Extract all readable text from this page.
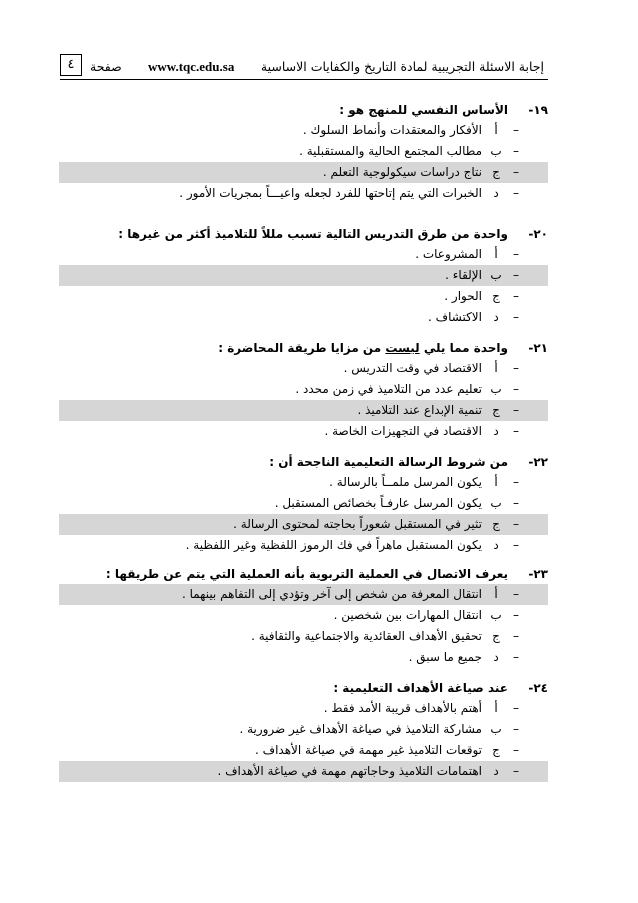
إجابة الاسئلة التجريبية لمادة التاريخ والكفايات الاساسية
www.tqc.edu.sa
صفحة
٤
١٩-
الأساس النفسي للمنهج هو :
أ	–
الأفكار والمعتقدات وأنماط السلوك .
ب –
مطالب المجتمع الحالية والمستقبلية .
ج –
نتاج دراسات سيكولوجية التعلم .
د –
الخبرات التي يتم إتاحتها للفرد لجعله واعيـــاً بمجريات الأمور .
٢٠-
واحدة من طرق التدريس التالية تسبب مللاً للتلاميذ أكثر من غيرها :
أ	–
المشروعات .
ب –
الإلقاء .
ج –
الحوار .
د –
الاكتشاف .
٢١-
واحدة مما يلي ليست من مزايا طريقة المحاضرة :
أ	–
الاقتصاد في وقت التدريس .
ب –
تعليم عدد من التلاميذ في زمن محدد .
ج –
تنمية الإبداع عند التلاميذ .
د –
الاقتصاد في التجهيزات الخاصة .
٢٢-
من شروط الرسالة التعليمية الناجحة أن :
أ	–
يكون المرسل ملمــاً بالرسالة .
ب –
يكون المرسل عارفـاً بخصائص المستقبل .
ج –
تثير في المستقبل شعوراً بحاجته لمحتوى الرسالة .
د –
يكون المستقبل ماهراً في فك الرموز اللفظية وغير اللفظية .
٢٣-
يعرف الاتصال في العملية التربوية بأنه العملية التي يتم عن طريقها :
أ	–
انتقال المعرفة من شخص إلى آخر وتؤدي إلى التفاهم بينهما .
ب –
انتقال المهارات بين شخصين .
ج –
تحقيق الأهداف العقائدية والاجتماعية والثقافية .
د –
جميع ما سبق .
٢٤-
عند صياغة الأهداف التعليمية :
أ	–
أهتم بالأهداف قريبة الأمد فقط .
ب –
مشاركة التلاميذ في صياغة الأهداف غير ضرورية .
ج –
توقعات التلاميذ غير مهمة في صياغة الأهداف .
د –
اهتمامات التلاميذ وحاجاتهم مهمة في صياغة الأهداف .
